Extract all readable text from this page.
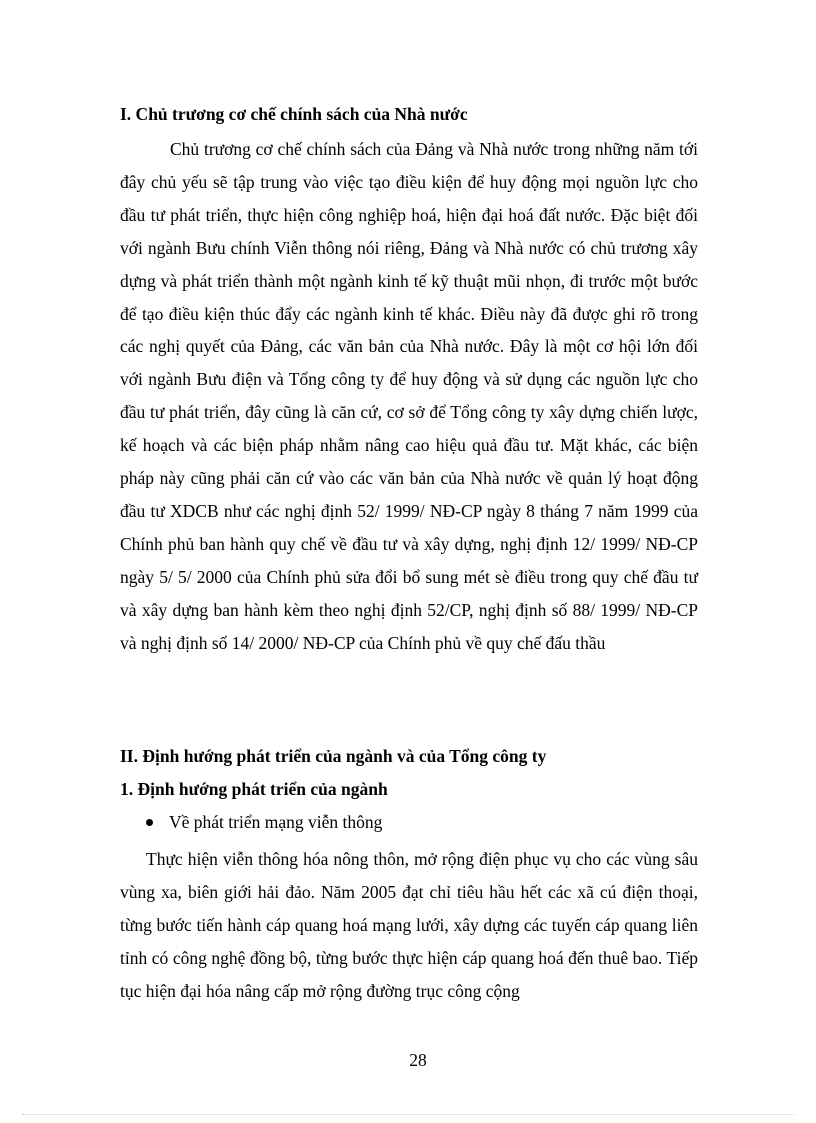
I. Chủ trương cơ chế chính sách của Nhà nước

Chủ trương cơ chế chính sách của Đảng và Nhà nước trong những năm tới đây chủ yếu sẽ tập trung vào việc tạo điều kiện để huy động mọi nguồn lực cho đầu tư phát triển, thực hiện công nghiệp hoá, hiện đại hoá đất nước. Đặc biệt đối với ngành Bưu chính Viễn thông nói riêng, Đảng và Nhà nước có chủ trương xây dựng và phát triển thành một ngành kinh tế kỹ thuật mũi nhọn, đi trước một bước để tạo điều kiện thúc đẩy các ngành kinh tế khác. Điều này đã được ghi rõ trong các nghị quyết của Đảng, các văn bản của Nhà nước. Đây là một cơ hội lớn đối với ngành Bưu điện và Tổng công ty để huy động và sử dụng các nguồn lực cho đầu tư phát triển, đây cũng là căn cứ, cơ sở để Tổng công ty xây dựng chiến lược, kế hoạch và các biện pháp nhằm nâng cao hiệu quả đầu tư. Mặt khác, các biện pháp này cũng phải căn cứ vào các văn bản của Nhà nước về quản lý hoạt động đầu tư XDCB như các nghị định 52/ 1999/ NĐ-CP ngày 8 tháng 7 năm 1999 của Chính phủ ban hành quy chế về đầu tư và xây dựng, nghị định 12/ 1999/ NĐ-CP ngày 5/ 5/ 2000 của Chính phủ sửa đổi bổ sung mét sè điều trong quy chế đầu tư và xây dựng ban hành kèm theo nghị định 52/CP, nghị định số 88/ 1999/ NĐ-CP và nghị định số 14/ 2000/ NĐ-CP của Chính phủ về quy chế đấu thầu

II. Định hướng phát triển của ngành và của Tổng công ty
1. Định hướng phát triển của ngành
Về phát triển mạng viễn thông

Thực hiện viễn thông hóa nông thôn, mở rộng điện phục vụ cho các vùng sâu vùng xa, biên giới hải đảo. Năm 2005 đạt chỉ tiêu hầu hết các xã cú điện thoại, từng bước tiến hành cáp quang hoá mạng lưới, xây dựng các tuyến cáp quang liên tỉnh có công nghệ đồng bộ, từng bước thực hiện cáp quang hoá đến thuê bao. Tiếp tục hiện đại hóa nâng cấp mở rộng đường trục công cộng

28
